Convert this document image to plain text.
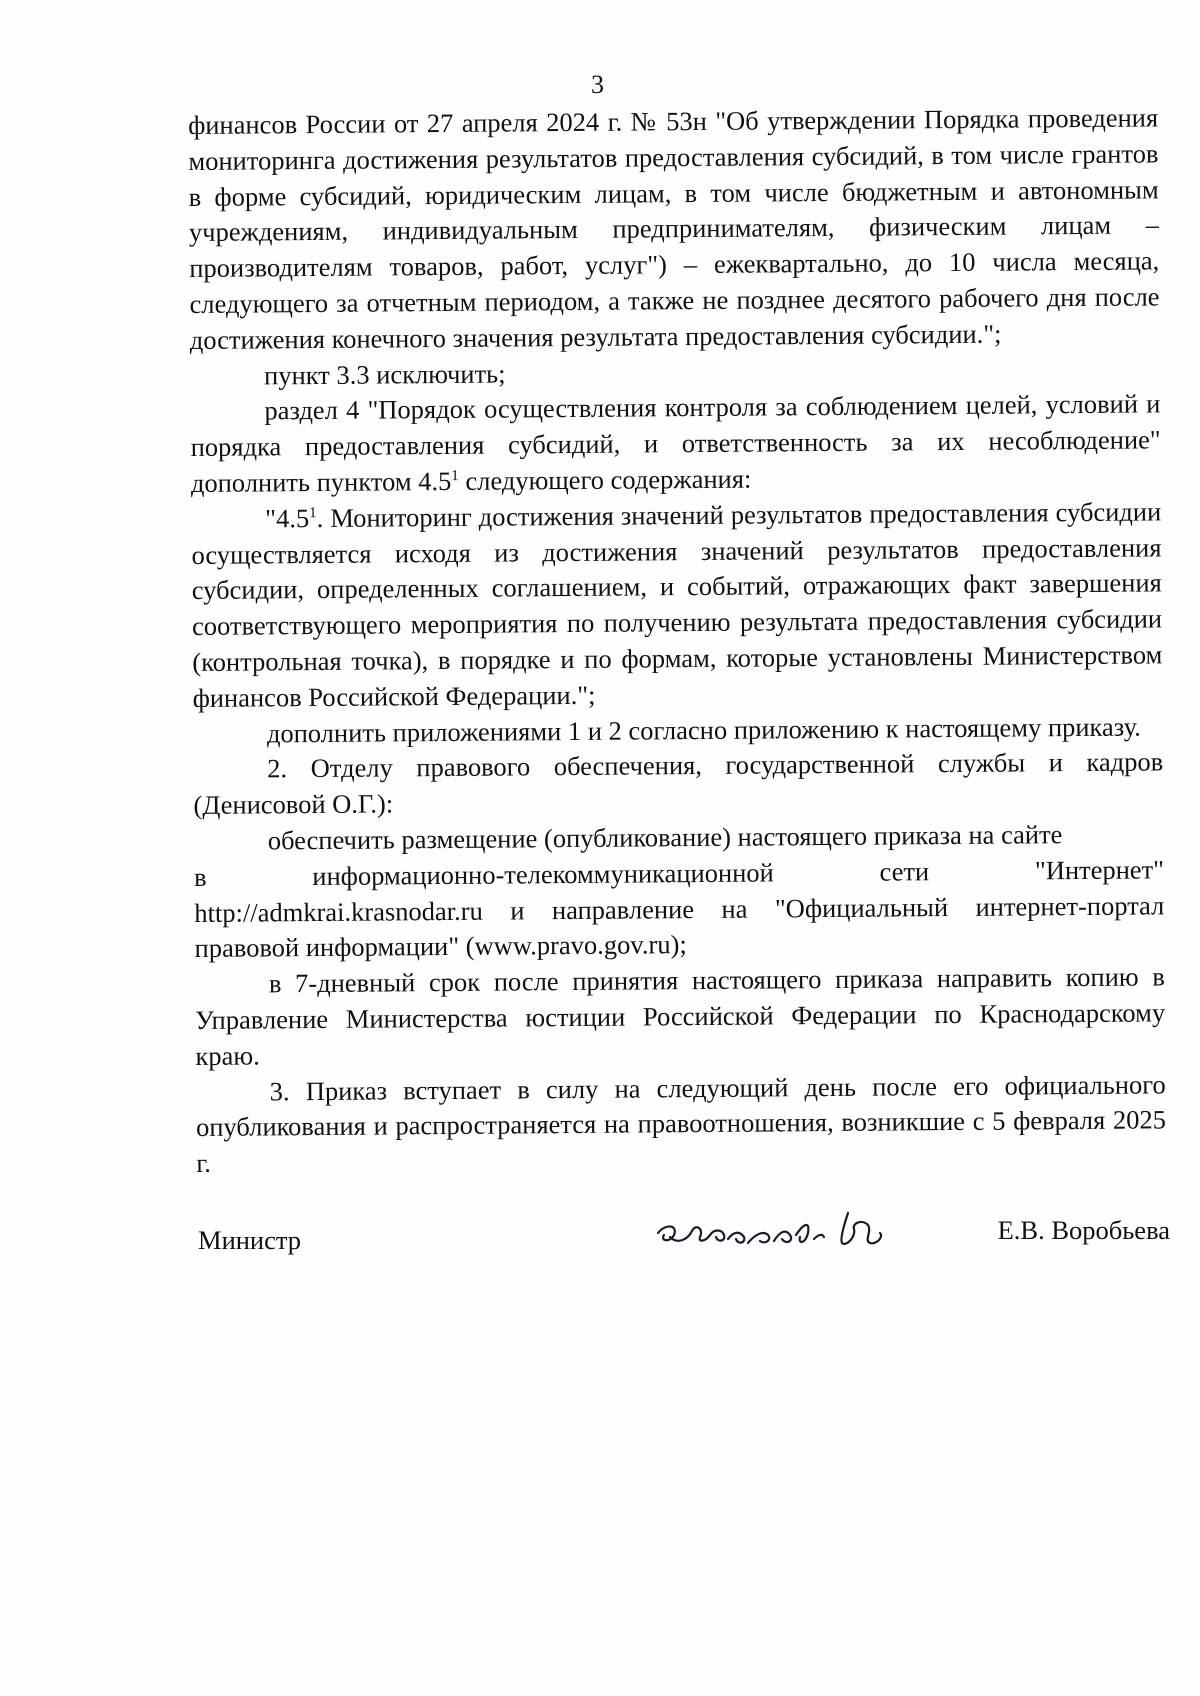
3

финансов России от 27 апреля 2024 г. № 53н "Об утверждении Порядка проведения мониторинга достижения результатов предоставления субсидий, в том числе грантов в форме субсидий, юридическим лицам, в том числе бюджетным и автономным учреждениям, индивидуальным предпринимателям, физическим лицам – производителям товаров, работ, услуг") – ежеквартально, до 10 числа месяца, следующего за отчетным периодом, а также не позднее десятого рабочего дня после достижения конечного значения результата предоставления субсидии.";

пункт 3.3 исключить;

раздел 4 "Порядок осуществления контроля за соблюдением целей, условий и порядка предоставления субсидий, и ответственность за их несоблюдение" дополнить пунктом $4.5^1$ следующего содержания:

"$4.5^1$. Мониторинг достижения значений результатов предоставления субсидии осуществляется исходя из достижения значений результатов предоставления субсидии, определенных соглашением, и событий, отражающих факт завершения соответствующего мероприятия по получению результата предоставления субсидии (контрольная точка), в порядке и по формам, которые установлены Министерством финансов Российской Федерации.";

дополнить приложениями 1 и 2 согласно приложению к настоящему приказу.

2. Отделу правового обеспечения, государственной службы и кадров (Денисовой О.Г.):

обеспечить размещение (опубликование) настоящего приказа на сайте

в информационно-телекоммуникационной сети "Интернет"

http://admkrai.krasnodar.ru и направление на "Официальный интернет-портал правовой информации" (www.pravo.gov.ru);

в 7-дневный срок после принятия настоящего приказа направить копию в Управление Министерства юстиции Российской Федерации по Краснодарскому краю.

3. Приказ вступает в силу на следующий день после его официального опубликования и распространяется на правоотношения, возникшие с 5 февраля 2025 г.

Министр	Е.В. Воробьева
